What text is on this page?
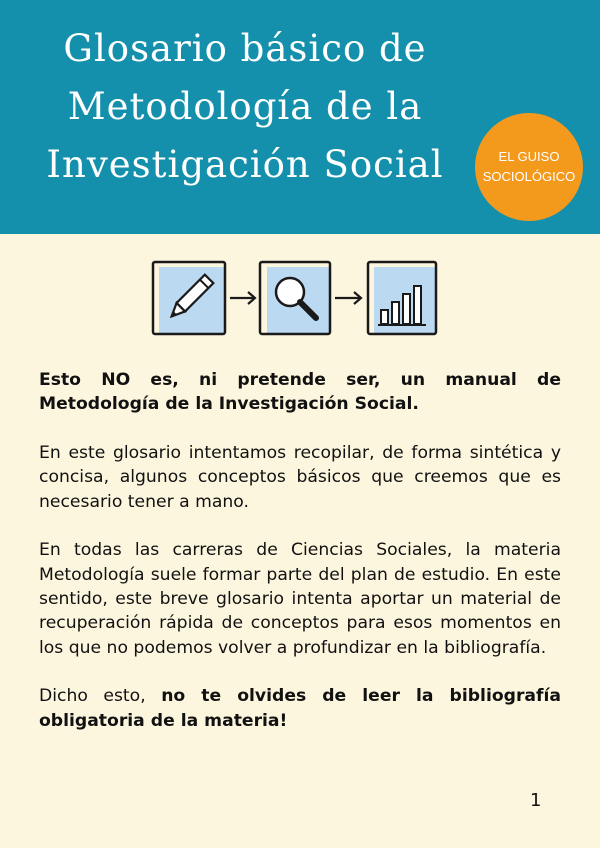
Glosario básico de
Metodología de la
Investigación Social	EL GUISO
SOCIOLÓGICO

Esto NO es, ni pretende ser, un manual de Metodología de la Investigación Social.

En este glosario intentamos recopilar, de forma sintética y concisa, algunos conceptos básicos que creemos que es necesario tener a mano.

En todas las carreras de Ciencias Sociales, la materia Metodología suele formar parte del plan de estudio. En este sentido, este breve glosario intenta aportar un material de recuperación rápida de conceptos para esos momentos en los que no podemos volver a profundizar en la bibliografía.

Dicho esto, no te olvides de leer la bibliografía obligatoria de la materia!

1
